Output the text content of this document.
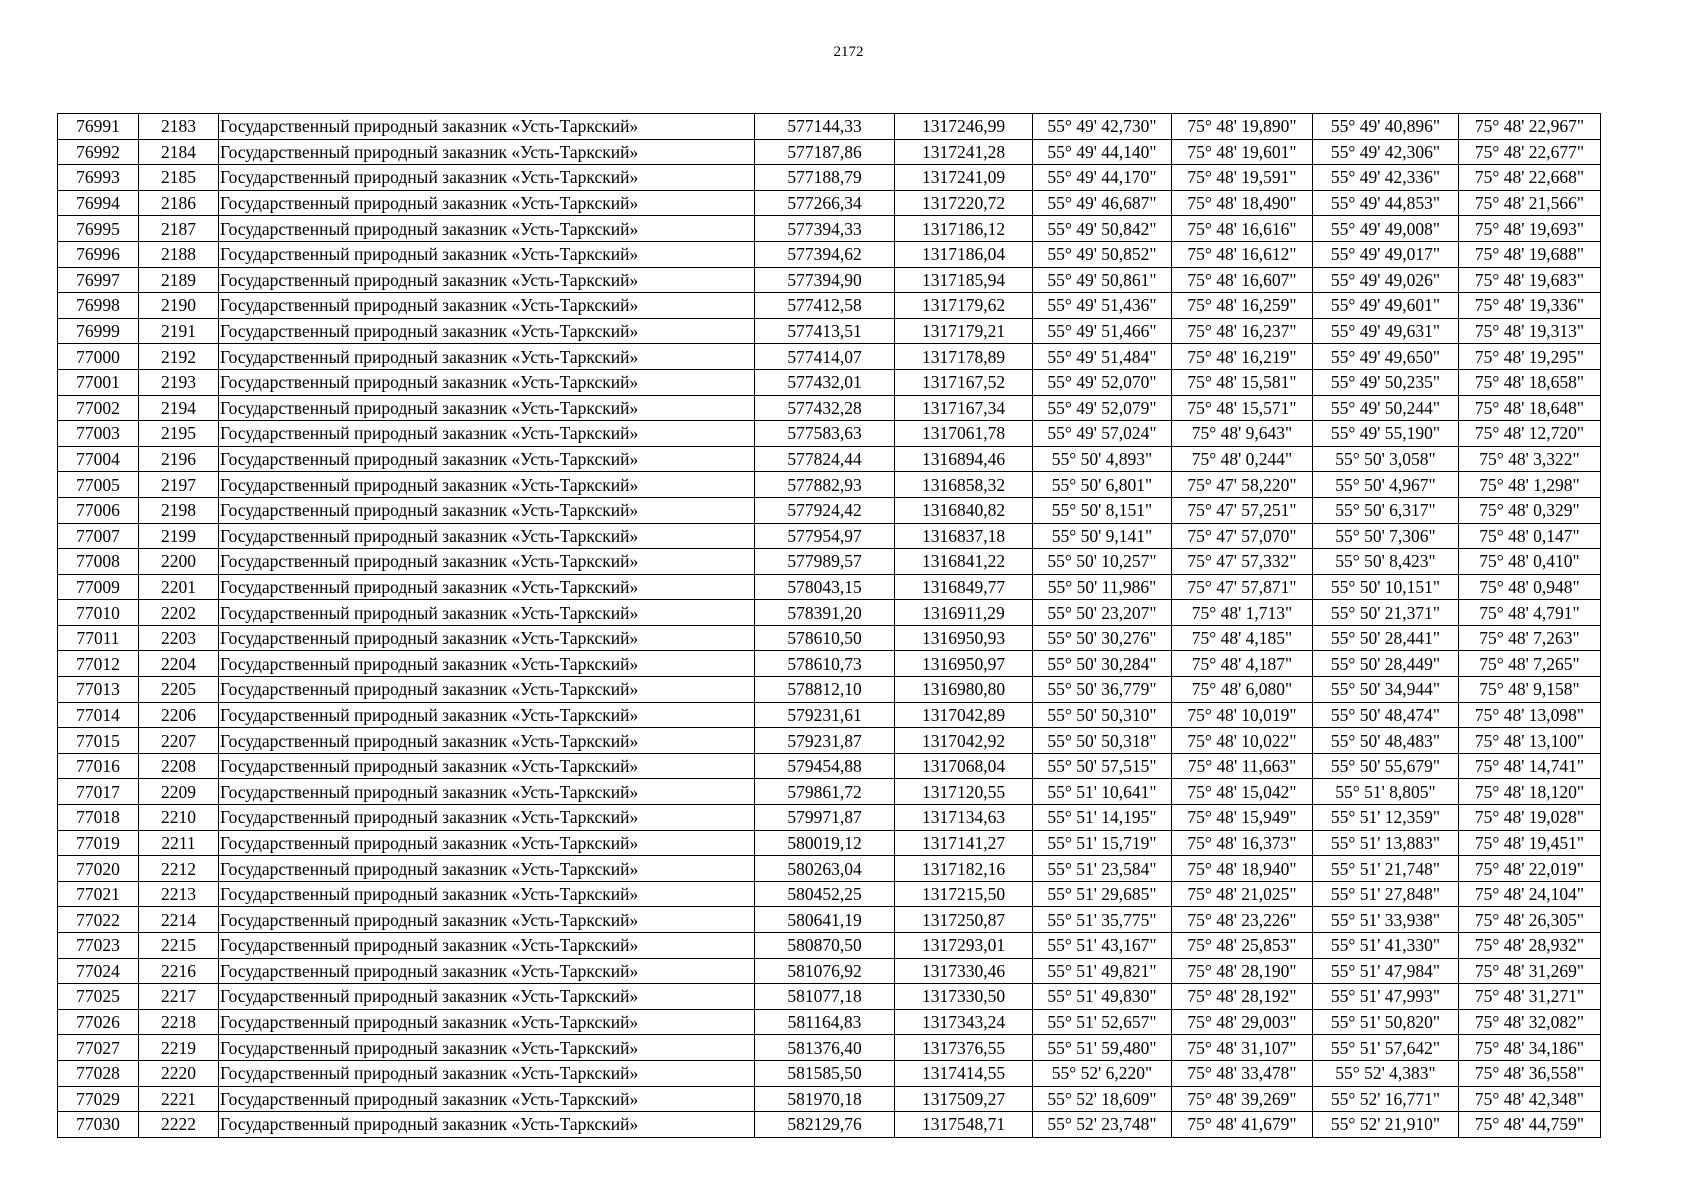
2172
76991	2183	Государственный природный заказник «Усть-Таркский»	577144,33	1317246,99	55° 49' 42,730"	75° 48' 19,890"	55° 49' 40,896"	75° 48' 22,967"
76992	2184	Государственный природный заказник «Усть-Таркский»	577187,86	1317241,28	55° 49' 44,140"	75° 48' 19,601"	55° 49' 42,306"	75° 48' 22,677"
76993	2185	Государственный природный заказник «Усть-Таркский»	577188,79	1317241,09	55° 49' 44,170"	75° 48' 19,591"	55° 49' 42,336"	75° 48' 22,668"
76994	2186	Государственный природный заказник «Усть-Таркский»	577266,34	1317220,72	55° 49' 46,687"	75° 48' 18,490"	55° 49' 44,853"	75° 48' 21,566"
76995	2187	Государственный природный заказник «Усть-Таркский»	577394,33	1317186,12	55° 49' 50,842"	75° 48' 16,616"	55° 49' 49,008"	75° 48' 19,693"
76996	2188	Государственный природный заказник «Усть-Таркский»	577394,62	1317186,04	55° 49' 50,852"	75° 48' 16,612"	55° 49' 49,017"	75° 48' 19,688"
76997	2189	Государственный природный заказник «Усть-Таркский»	577394,90	1317185,94	55° 49' 50,861"	75° 48' 16,607"	55° 49' 49,026"	75° 48' 19,683"
76998	2190	Государственный природный заказник «Усть-Таркский»	577412,58	1317179,62	55° 49' 51,436"	75° 48' 16,259"	55° 49' 49,601"	75° 48' 19,336"
76999	2191	Государственный природный заказник «Усть-Таркский»	577413,51	1317179,21	55° 49' 51,466"	75° 48' 16,237"	55° 49' 49,631"	75° 48' 19,313"
77000	2192	Государственный природный заказник «Усть-Таркский»	577414,07	1317178,89	55° 49' 51,484"	75° 48' 16,219"	55° 49' 49,650"	75° 48' 19,295"
77001	2193	Государственный природный заказник «Усть-Таркский»	577432,01	1317167,52	55° 49' 52,070"	75° 48' 15,581"	55° 49' 50,235"	75° 48' 18,658"
77002	2194	Государственный природный заказник «Усть-Таркский»	577432,28	1317167,34	55° 49' 52,079"	75° 48' 15,571"	55° 49' 50,244"	75° 48' 18,648"
77003	2195	Государственный природный заказник «Усть-Таркский»	577583,63	1317061,78	55° 49' 57,024"	75° 48' 9,643"	55° 49' 55,190"	75° 48' 12,720"
77004	2196	Государственный природный заказник «Усть-Таркский»	577824,44	1316894,46	55° 50' 4,893"	75° 48' 0,244"	55° 50' 3,058"	75° 48' 3,322"
77005	2197	Государственный природный заказник «Усть-Таркский»	577882,93	1316858,32	55° 50' 6,801"	75° 47' 58,220"	55° 50' 4,967"	75° 48' 1,298"
77006	2198	Государственный природный заказник «Усть-Таркский»	577924,42	1316840,82	55° 50' 8,151"	75° 47' 57,251"	55° 50' 6,317"	75° 48' 0,329"
77007	2199	Государственный природный заказник «Усть-Таркский»	577954,97	1316837,18	55° 50' 9,141"	75° 47' 57,070"	55° 50' 7,306"	75° 48' 0,147"
77008	2200	Государственный природный заказник «Усть-Таркский»	577989,57	1316841,22	55° 50' 10,257"	75° 47' 57,332"	55° 50' 8,423"	75° 48' 0,410"
77009	2201	Государственный природный заказник «Усть-Таркский»	578043,15	1316849,77	55° 50' 11,986"	75° 47' 57,871"	55° 50' 10,151"	75° 48' 0,948"
77010	2202	Государственный природный заказник «Усть-Таркский»	578391,20	1316911,29	55° 50' 23,207"	75° 48' 1,713"	55° 50' 21,371"	75° 48' 4,791"
77011	2203	Государственный природный заказник «Усть-Таркский»	578610,50	1316950,93	55° 50' 30,276"	75° 48' 4,185"	55° 50' 28,441"	75° 48' 7,263"
77012	2204	Государственный природный заказник «Усть-Таркский»	578610,73	1316950,97	55° 50' 30,284"	75° 48' 4,187"	55° 50' 28,449"	75° 48' 7,265"
77013	2205	Государственный природный заказник «Усть-Таркский»	578812,10	1316980,80	55° 50' 36,779"	75° 48' 6,080"	55° 50' 34,944"	75° 48' 9,158"
77014	2206	Государственный природный заказник «Усть-Таркский»	579231,61	1317042,89	55° 50' 50,310"	75° 48' 10,019"	55° 50' 48,474"	75° 48' 13,098"
77015	2207	Государственный природный заказник «Усть-Таркский»	579231,87	1317042,92	55° 50' 50,318"	75° 48' 10,022"	55° 50' 48,483"	75° 48' 13,100"
77016	2208	Государственный природный заказник «Усть-Таркский»	579454,88	1317068,04	55° 50' 57,515"	75° 48' 11,663"	55° 50' 55,679"	75° 48' 14,741"
77017	2209	Государственный природный заказник «Усть-Таркский»	579861,72	1317120,55	55° 51' 10,641"	75° 48' 15,042"	55° 51' 8,805"	75° 48' 18,120"
77018	2210	Государственный природный заказник «Усть-Таркский»	579971,87	1317134,63	55° 51' 14,195"	75° 48' 15,949"	55° 51' 12,359"	75° 48' 19,028"
77019	2211	Государственный природный заказник «Усть-Таркский»	580019,12	1317141,27	55° 51' 15,719"	75° 48' 16,373"	55° 51' 13,883"	75° 48' 19,451"
77020	2212	Государственный природный заказник «Усть-Таркский»	580263,04	1317182,16	55° 51' 23,584"	75° 48' 18,940"	55° 51' 21,748"	75° 48' 22,019"
77021	2213	Государственный природный заказник «Усть-Таркский»	580452,25	1317215,50	55° 51' 29,685"	75° 48' 21,025"	55° 51' 27,848"	75° 48' 24,104"
77022	2214	Государственный природный заказник «Усть-Таркский»	580641,19	1317250,87	55° 51' 35,775"	75° 48' 23,226"	55° 51' 33,938"	75° 48' 26,305"
77023	2215	Государственный природный заказник «Усть-Таркский»	580870,50	1317293,01	55° 51' 43,167"	75° 48' 25,853"	55° 51' 41,330"	75° 48' 28,932"
77024	2216	Государственный природный заказник «Усть-Таркский»	581076,92	1317330,46	55° 51' 49,821"	75° 48' 28,190"	55° 51' 47,984"	75° 48' 31,269"
77025	2217	Государственный природный заказник «Усть-Таркский»	581077,18	1317330,50	55° 51' 49,830"	75° 48' 28,192"	55° 51' 47,993"	75° 48' 31,271"
77026	2218	Государственный природный заказник «Усть-Таркский»	581164,83	1317343,24	55° 51' 52,657"	75° 48' 29,003"	55° 51' 50,820"	75° 48' 32,082"
77027	2219	Государственный природный заказник «Усть-Таркский»	581376,40	1317376,55	55° 51' 59,480"	75° 48' 31,107"	55° 51' 57,642"	75° 48' 34,186"
77028	2220	Государственный природный заказник «Усть-Таркский»	581585,50	1317414,55	55° 52' 6,220"	75° 48' 33,478"	55° 52' 4,383"	75° 48' 36,558"
77029	2221	Государственный природный заказник «Усть-Таркский»	581970,18	1317509,27	55° 52' 18,609"	75° 48' 39,269"	55° 52' 16,771"	75° 48' 42,348"
77030	2222	Государственный природный заказник «Усть-Таркский»	582129,76	1317548,71	55° 52' 23,748"	75° 48' 41,679"	55° 52' 21,910"	75° 48' 44,759"
